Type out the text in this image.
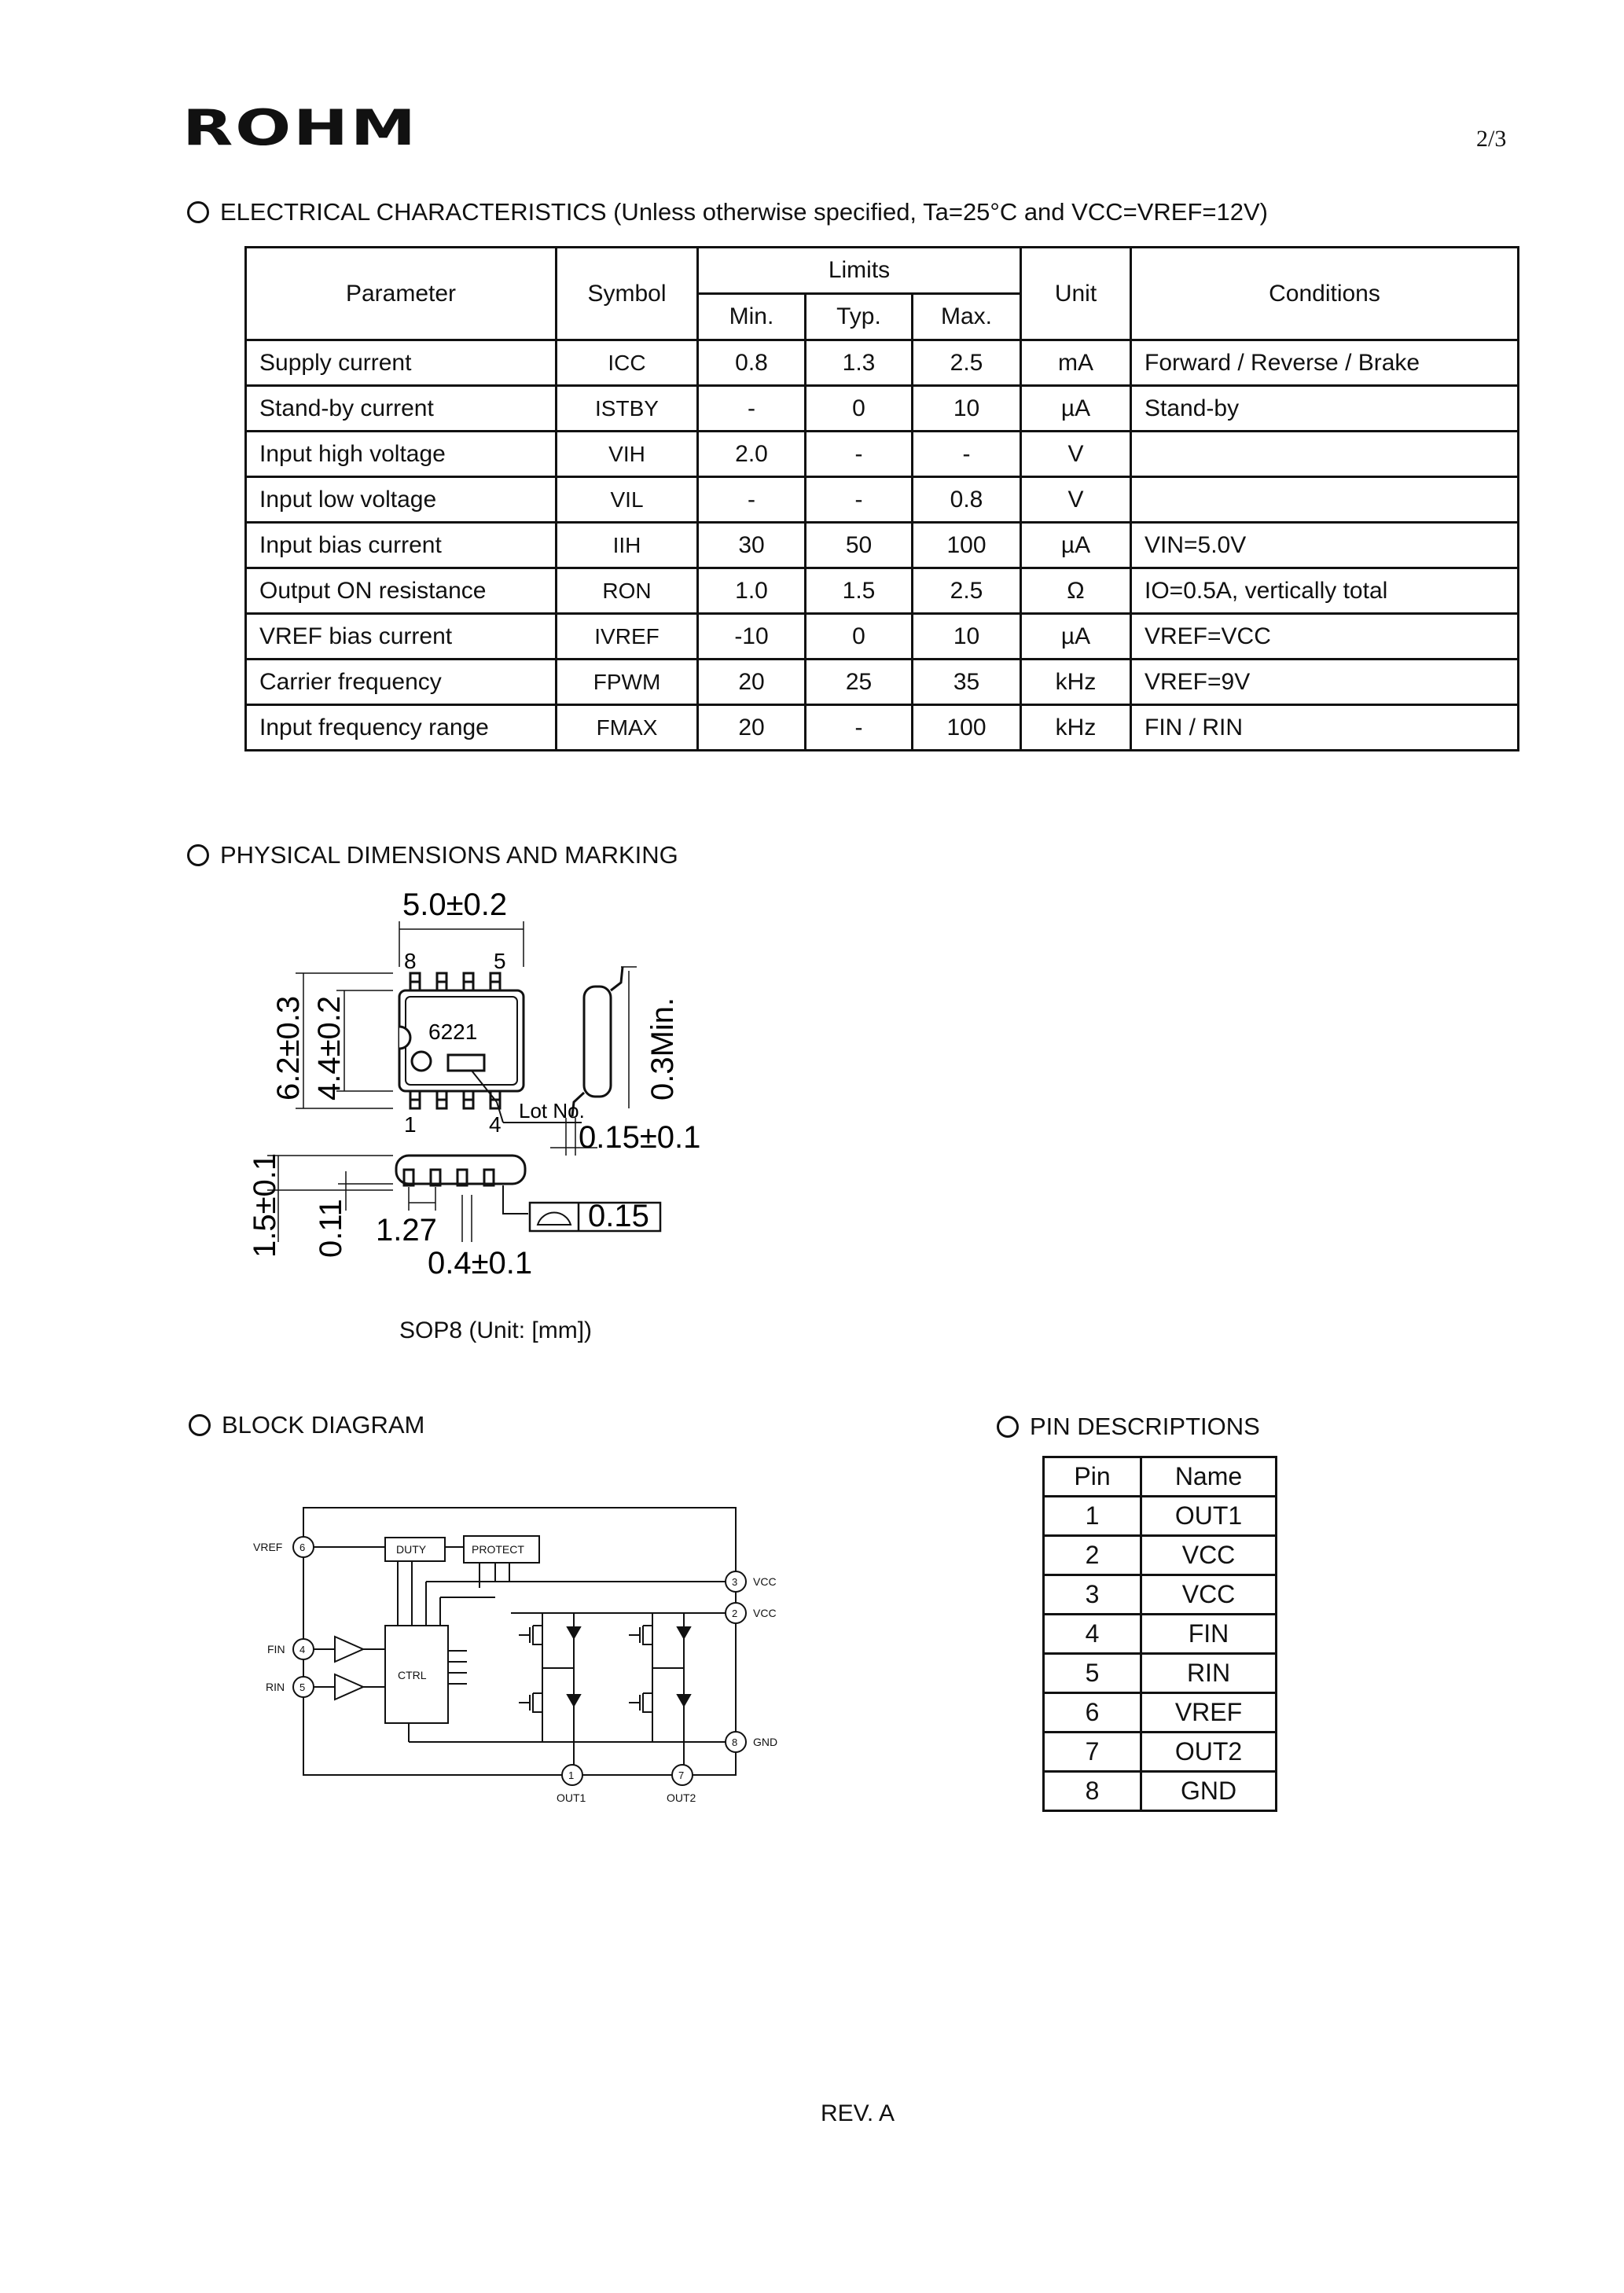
ROHM	2/3
ELECTRICAL CHARACTERISTICS (Unless otherwise specified, Ta=25°C and VCC=VREF=12V)
Parameter	Symbol	Limits			Unit	Conditions
		Min.	Typ.	Max.		
Supply current	ICC	0.8	1.3	2.5	mA	Forward / Reverse / Brake
Stand-by current	ISTBY	-	0	10	µA	Stand-by
Input high voltage	VIH	2.0	-	-	V	
Input low voltage	VIL	-	-	0.8	V	
Input bias current	IIH	30	50	100	µA	VIN=5.0V
Output ON resistance	RON	1.0	1.5	2.5	Ω	IO=0.5A, vertically total
VREF bias current	IVREF	-10	0	10	µA	VREF=VCC
Carrier frequency	FPWM	20	25	35	kHz	VREF=9V
Input frequency range	FMAX	20	-	100	kHz	FIN / RIN
PHYSICAL DIMENSIONS AND MARKING
5.0±0.2
8	5
1	4
6221
Lot No.
6.2±0.3 4.4±0.2	0.3Min.
0.15±0.1
1.5±0.1 0.11 1.27
0.4±0.1
0.15
SOP8 (Unit: [mm])
BLOCK DIAGRAM
VREF
FIN
RIN
VCC
VCC
GND
OUT1	OUT2
DUTY	PROTECT
CTRL
6
4
5
3
2
8
1	7
PIN DESCRIPTIONS
Pin	Name
1	OUT1
2	VCC
3	VCC
4	FIN
5	RIN
6	VREF
7	OUT2
8	GND
REV. A
